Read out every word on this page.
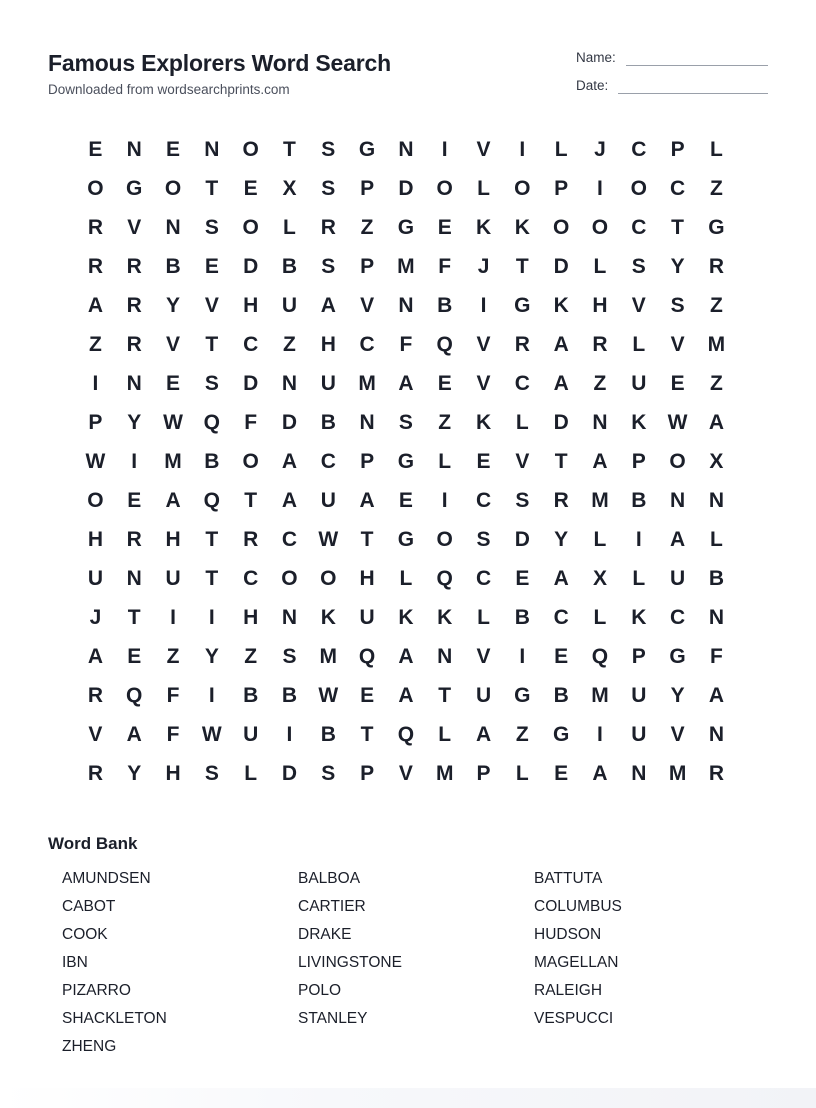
Famous Explorers Word Search
Downloaded from wordsearchprints.com
Name:
Date:
E	N	E	N	O	T	S	G	N	I	V	I	L	J	C	P	L
O	G	O	T	E	X	S	P	D	O	L	O	P	I	O	C	Z
R	V	N	S	O	L	R	Z	G	E	K	K	O	O	C	T	G
R	R	B	E	D	B	S	P	M	F	J	T	D	L	S	Y	R
A	R	Y	V	H	U	A	V	N	B	I	G	K	H	V	S	Z
Z	R	V	T	C	Z	H	C	F	Q	V	R	A	R	L	V	M
I	N	E	S	D	N	U	M	A	E	V	C	A	Z	U	E	Z
P	Y	W Q	F	D	B	N	S	Z	K	L	D	N	K	W	A
W	I	M	B	O	A	C	P	G	L	E	V	T	A	P	O	X
O	E	A	Q	T	A	U	A	E	I	C	S	R	M	B	N	N
H	R	H	T	R	C	W	T	G	O	S	D	Y	L	I	A	L
U	N	U	T	C	O	O	H	L	Q	C	E	A	X	L	U	B
J	T	I	I	H	N	K	U	K	K	L	B	C	L	K	C	N
A	E	Z	Y	Z	S	M	Q	A	N	V	I	E	Q	P	G	F
R	Q	F	I	B	B	W	E	A	T	U	G	B	M	U	Y	A
V	A	F	W	U	I	B	T	Q	L	A	Z	G	I	U	V	N
R	Y	H	S	L	D	S	P	V	M	P	L	E	A	N	M	R
Word Bank
AMUNDSEN	BALBOA	BATTUTA
CABOT	CARTIER	COLUMBUS
COOK	DRAKE	HUDSON
IBN	LIVINGSTONE	MAGELLAN
PIZARRO	POLO	RALEIGH
SHACKLETON	STANLEY	VESPUCCI
ZHENG
